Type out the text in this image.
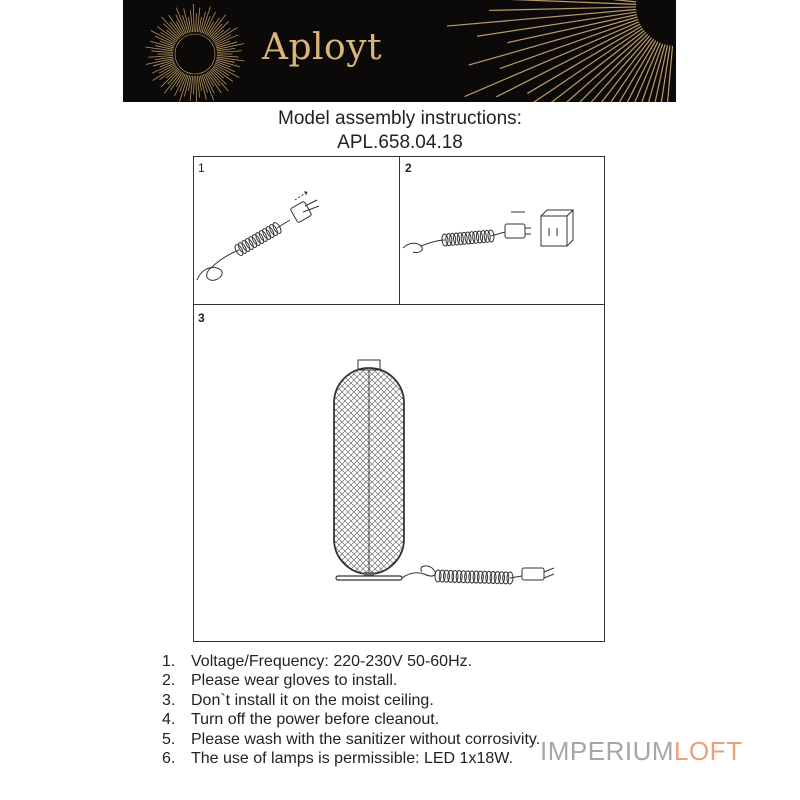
Aployt
Model assembly instructions:
APL.658.04.18
1	2
3
1. Voltage/Frequency: 220-230V 50-60Hz.
2. Please wear gloves to install.
3. Don`t install it on the moist ceiling.
4. Turn off the power before cleanout.
5. Please wash with the sanitizer without corrosivity.
6. The use of lamps is permissible: LED 1x18W.	IMPERIUMLOFT
